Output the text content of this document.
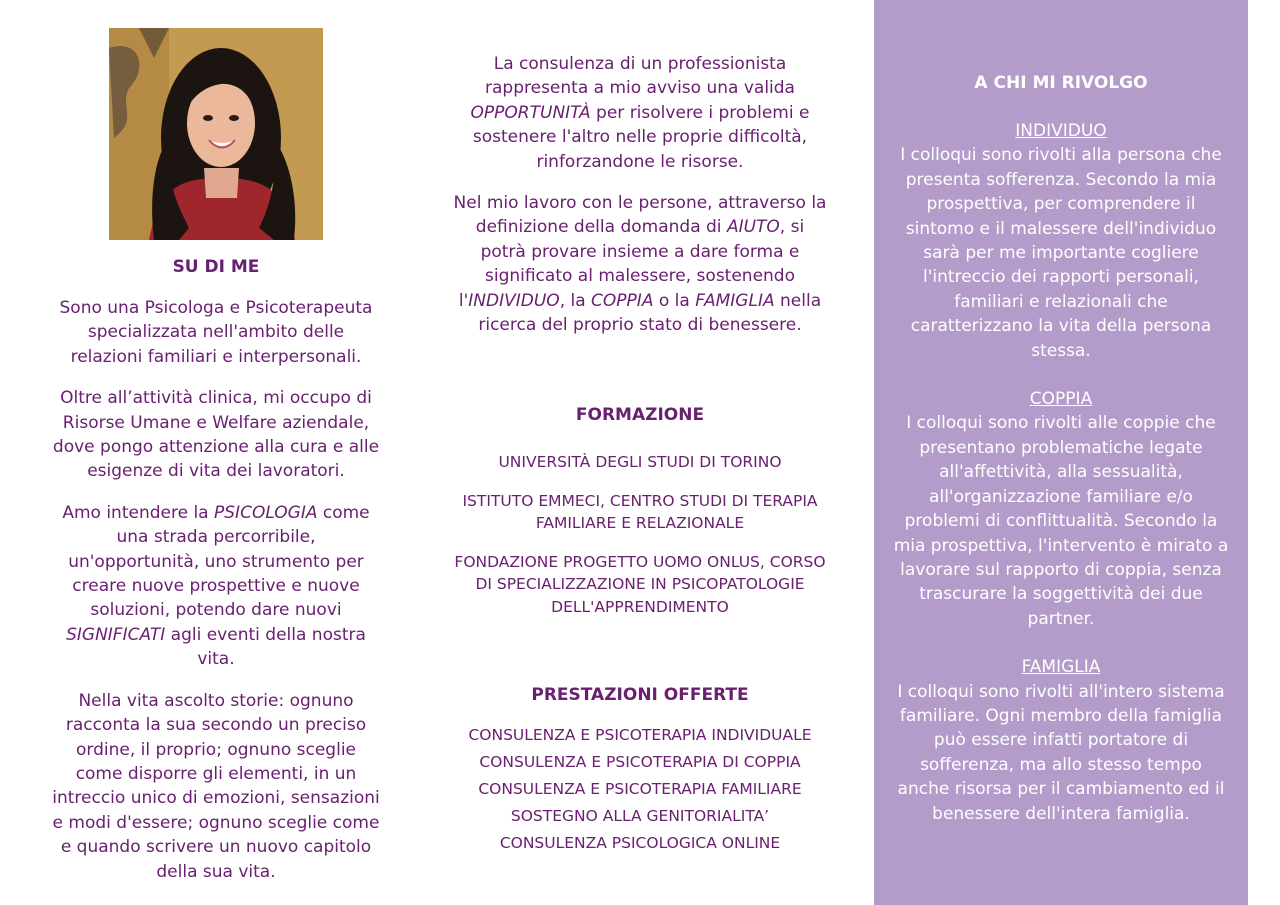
SU DI ME

Sono una Psicologa e Psicoterapeuta specializzata nell'ambito delle relazioni familiari e interpersonali.

Oltre all’attività clinica, mi occupo di Risorse Umane e Welfare aziendale, dove pongo attenzione alla cura e alle esigenze di vita dei lavoratori.

Amo intendere la PSICOLOGIA come una strada percorribile, un'opportunità, uno strumento per creare nuove prospettive e nuove soluzioni, potendo dare nuovi SIGNIFICATI agli eventi della nostra vita.

Nella vita ascolto storie: ognuno racconta la sua secondo un preciso ordine, il proprio; ognuno sceglie come disporre gli elementi, in un intreccio unico di emozioni, sensazioni e modi d'essere; ognuno sceglie come e quando scrivere un nuovo capitolo della sua vita.

La consulenza di un professionista rappresenta a mio avviso una valida OPPORTUNITÀ per risolvere i problemi e sostenere l'altro nelle proprie difficoltà, rinforzandone le risorse.

Nel mio lavoro con le persone, attraverso la definizione della domanda di AIUTO, si potrà provare insieme a dare forma e significato al malessere, sostenendo l'INDIVIDUO, la COPPIA o la FAMIGLIA nella ricerca del proprio stato di benessere.

FORMAZIONE
UNIVERSITÀ DEGLI STUDI DI TORINO
ISTITUTO EMMECI, CENTRO STUDI DI TERAPIA FAMILIARE E RELAZIONALE
FONDAZIONE PROGETTO UOMO ONLUS, CORSO DI SPECIALIZZAZIONE IN PSICOPATOLOGIE DELL'APPRENDIMENTO
PRESTAZIONI OFFERTE
CONSULENZA E PSICOTERAPIA INDIVIDUALE
CONSULENZA E PSICOTERAPIA DI COPPIA
CONSULENZA E PSICOTERAPIA FAMILIARE
SOSTEGNO ALLA GENITORIALITA’
CONSULENZA PSICOLOGICA ONLINE
A CHI MI RIVOLGO
INDIVIDUO

I colloqui sono rivolti alla persona che presenta sofferenza. Secondo la mia prospettiva, per comprendere il sintomo e il malessere dell'individuo sarà per me importante cogliere l'intreccio dei rapporti personali, familiari e relazionali che caratterizzano la vita della persona stessa.

COPPIA

I colloqui sono rivolti alle coppie che presentano problematiche legate all'affettività, alla sessualità, all'organizzazione familiare e/o problemi di conflittualità. Secondo la mia prospettiva, l'intervento è mirato a lavorare sul rapporto di coppia, senza trascurare la soggettività dei due partner.

FAMIGLIA

I colloqui sono rivolti all'intero sistema familiare. Ogni membro della famiglia può essere infatti portatore di sofferenza, ma allo stesso tempo anche risorsa per il cambiamento ed il benessere dell'intera famiglia.
